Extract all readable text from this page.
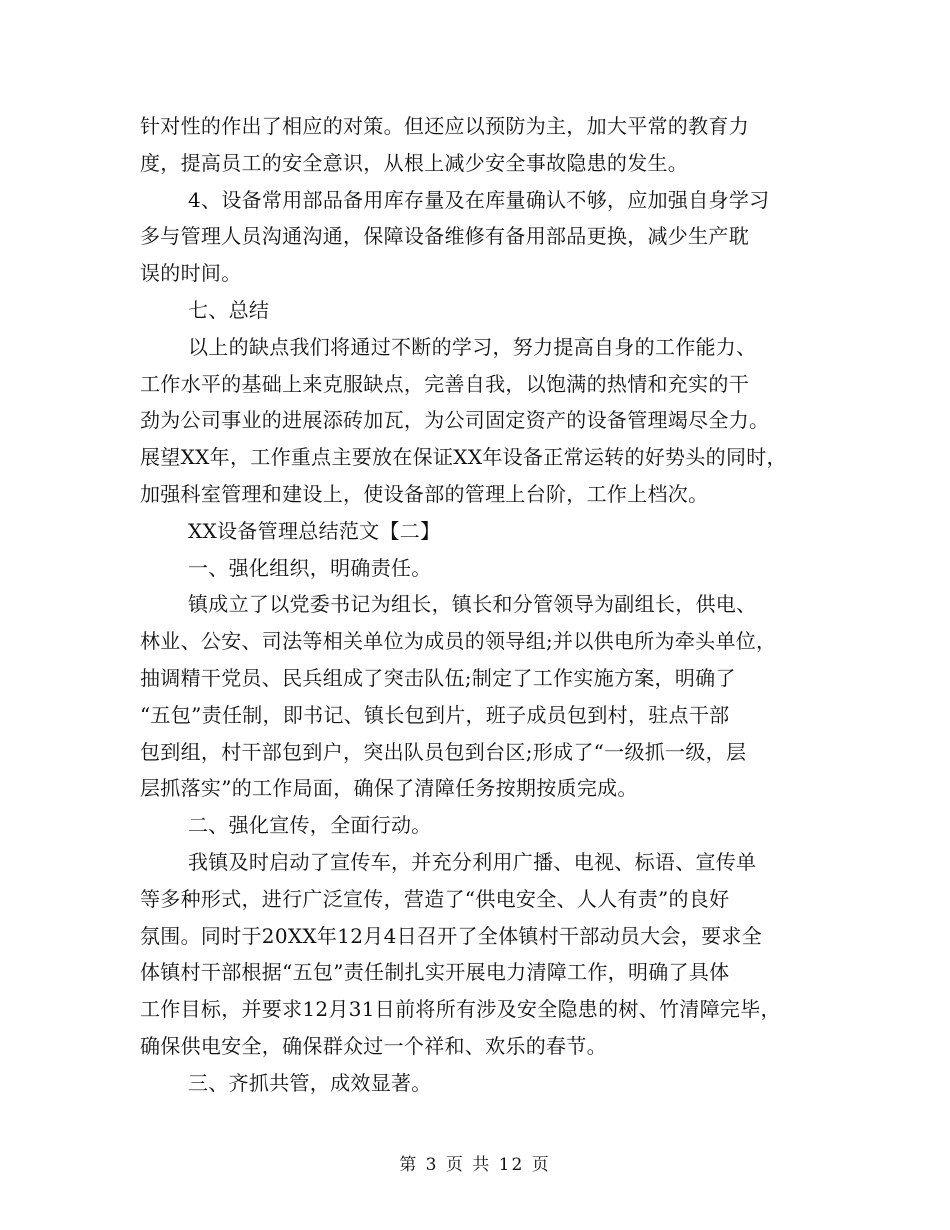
针对性的作出了相应的对策。但还应以预防为主，加大平常的教育力
度，提高员工的安全意识，从根上减少安全事故隐患的发生。
4、设备常用部品备用库存量及在库量确认不够，应加强自身学习
多与管理人员沟通沟通，保障设备维修有备用部品更换，减少生产耽
误的时间。
七、总结
以上的缺点我们将通过不断的学习，努力提高自身的工作能力、
工作水平的基础上来克服缺点，完善自我，以饱满的热情和充实的干
劲为公司事业的进展添砖加瓦，为公司固定资产的设备管理竭尽全力。
展望XX年，工作重点主要放在保证XX年设备正常运转的好势头的同时，
加强科室管理和建设上，使设备部的管理上台阶，工作上档次。
XX设备管理总结范文【二】
一、强化组织，明确责任。
镇成立了以党委书记为组长，镇长和分管领导为副组长，供电、
林业、公安、司法等相关单位为成员的领导组;并以供电所为牵头单位，
抽调精干党员、民兵组成了突击队伍;制定了工作实施方案，明确了
“五包”责任制，即书记、镇长包到片，班子成员包到村，驻点干部
包到组，村干部包到户，突出队员包到台区;形成了“一级抓一级，层
层抓落实”的工作局面，确保了清障任务按期按质完成。
二、强化宣传，全面行动。
我镇及时启动了宣传车，并充分利用广播、电视、标语、宣传单
等多种形式，进行广泛宣传，营造了“供电安全、人人有责”的良好
氛围。同时于20XX年12月4日召开了全体镇村干部动员大会，要求全
体镇村干部根据“五包”责任制扎实开展电力清障工作，明确了具体
工作目标，并要求12月31日前将所有涉及安全隐患的树、竹清障完毕，
确保供电安全，确保群众过一个祥和、欢乐的春节。
三、齐抓共管，成效显著。
第 3 页 共 12 页
